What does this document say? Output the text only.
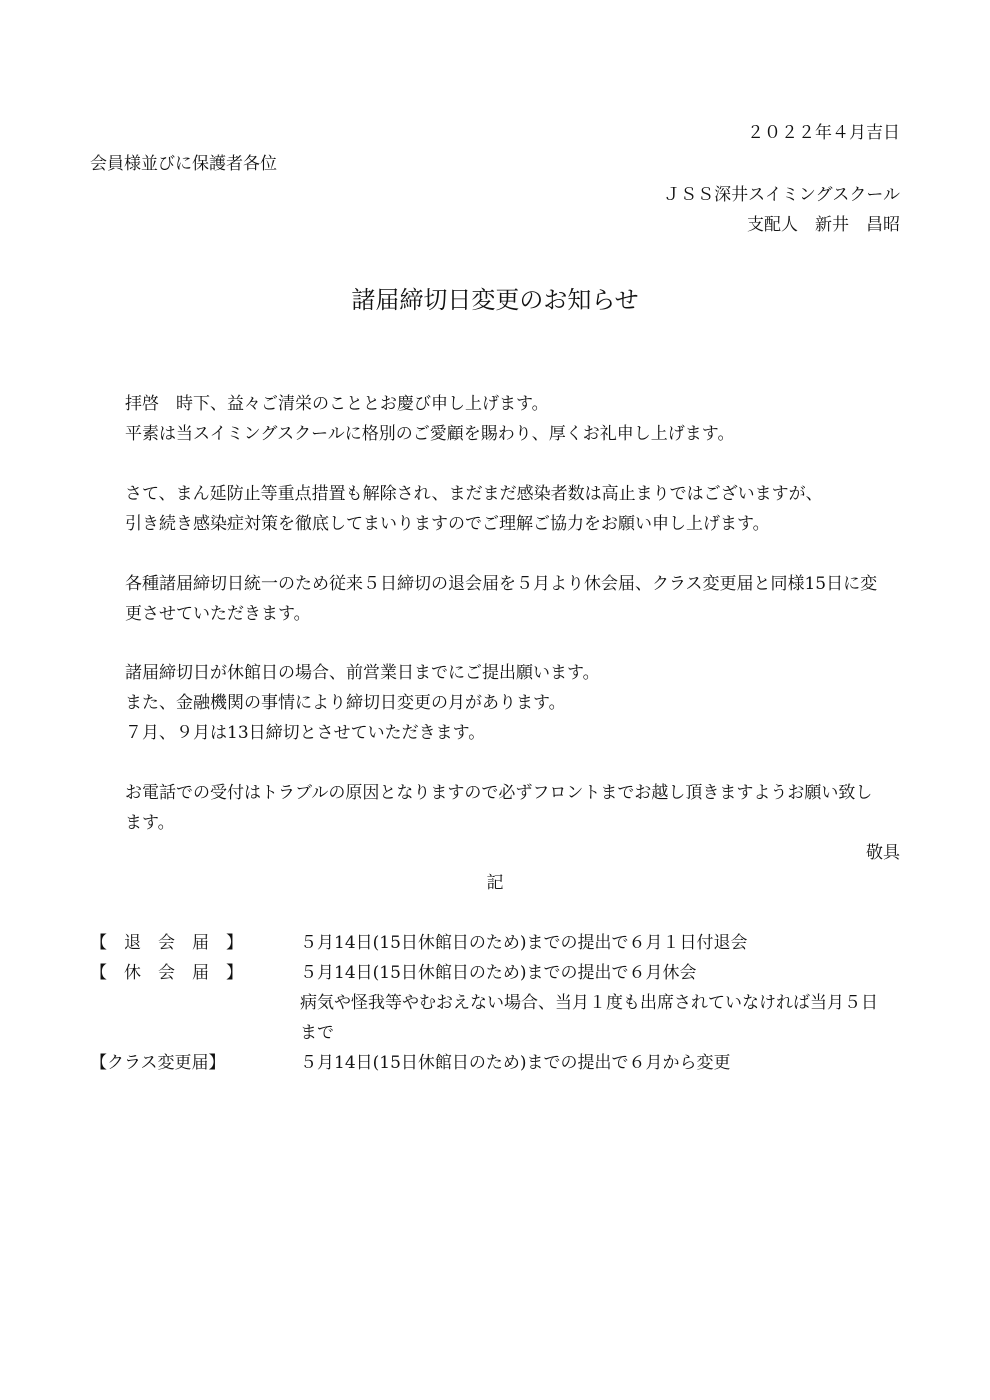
２０２２年４月吉日
会員様並びに保護者各位
ＪＳＳ深井スイミングスクール
支配人　新井　昌昭
諸届締切日変更のお知らせ
拝啓　時下、益々ご清栄のこととお慶び申し上げます。
平素は当スイミングスクールに格別のご愛顧を賜わり、厚くお礼申し上げます。
さて、まん延防止等重点措置も解除され、まだまだ感染者数は高止まりではございますが、
引き続き感染症対策を徹底してまいりますのでご理解ご協力をお願い申し上げます。
各種諸届締切日統一のため従来５日締切の退会届を５月より休会届、クラス変更届と同様15日に変
更させていただきます。
諸届締切日が休館日の場合、前営業日までにご提出願います。
また、金融機関の事情により締切日変更の月があります。
７月、９月は13日締切とさせていただきます。
お電話での受付はトラブルの原因となりますので必ずフロントまでお越し頂きますようお願い致し
ます。
敬具
記
【　退　会　届　】	５月14日(15日休館日のため)までの提出で６月１日付退会
【　休　会　届　】	５月14日(15日休館日のため)までの提出で６月休会
病気や怪我等やむおえない場合、当月１度も出席されていなければ当月５日
まで
【クラス変更届】	５月14日(15日休館日のため)までの提出で６月から変更
